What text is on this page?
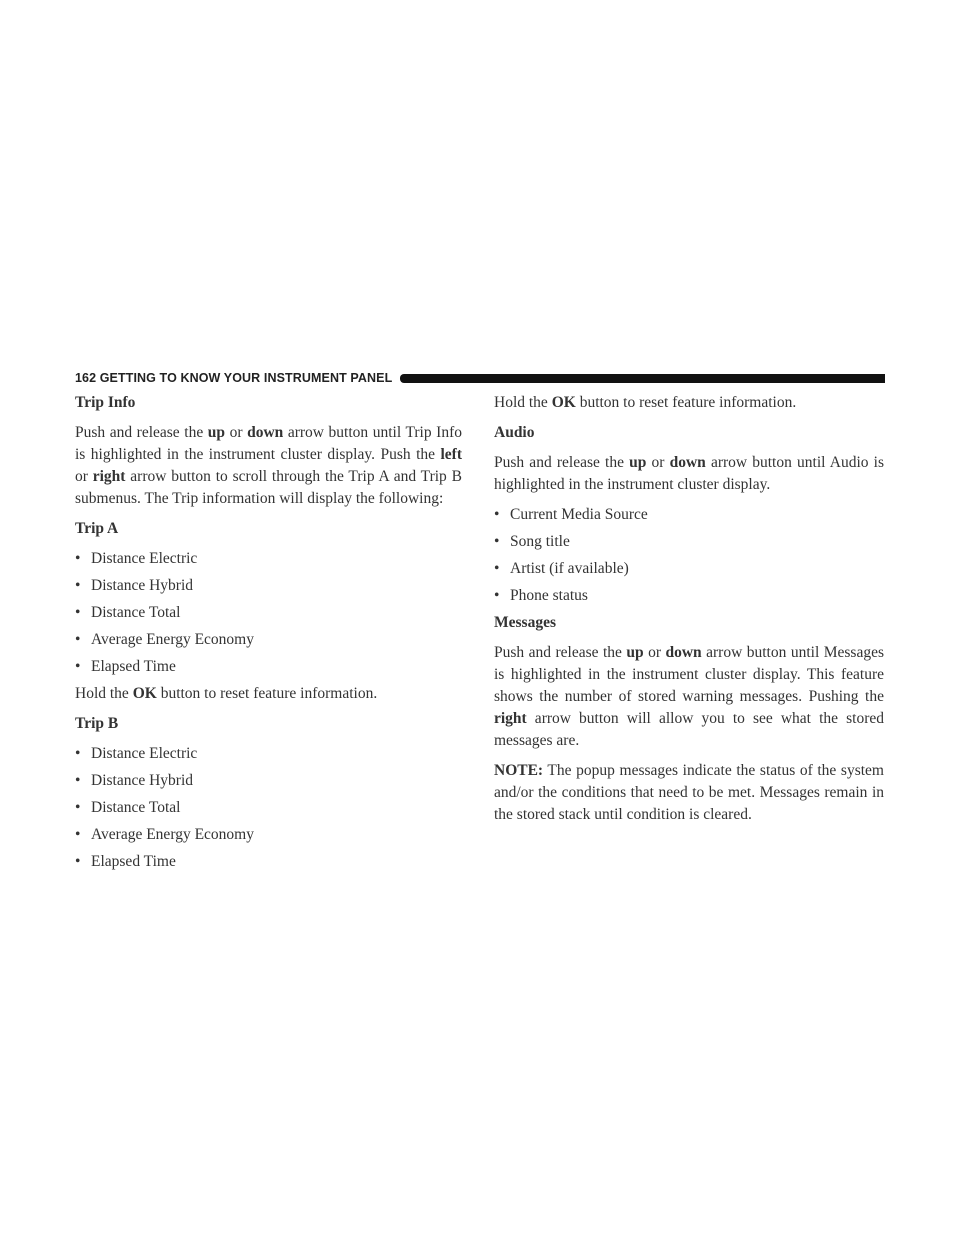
162 GETTING TO KNOW YOUR INSTRUMENT PANEL
Trip Info

Push and release the up or down arrow button until Trip Info is highlighted in the instrument cluster display. Push the left or right arrow button to scroll through the Trip A and Trip B submenus. The Trip information will display the following:

Trip A
• Distance Electric
• Distance Hybrid
• Distance Total
• Average Energy Economy
• Elapsed Time

Hold the OK button to reset feature information.

Trip B
• Distance Electric
• Distance Hybrid
• Distance Total
• Average Energy Economy
• Elapsed Time

Hold the OK button to reset feature information.

Audio

Push and release the up or down arrow button until Audio is highlighted in the instrument cluster display.

• Current Media Source
• Song title
• Artist (if available)
• Phone status
Messages

Push and release the up or down arrow button until Messages is highlighted in the instrument cluster display. This feature shows the number of stored warning messages. Pushing the right arrow button will allow you to see what the stored messages are.

NOTE: The popup messages indicate the status of the system and/or the conditions that need to be met. Messages remain in the stored stack until condition is cleared.
